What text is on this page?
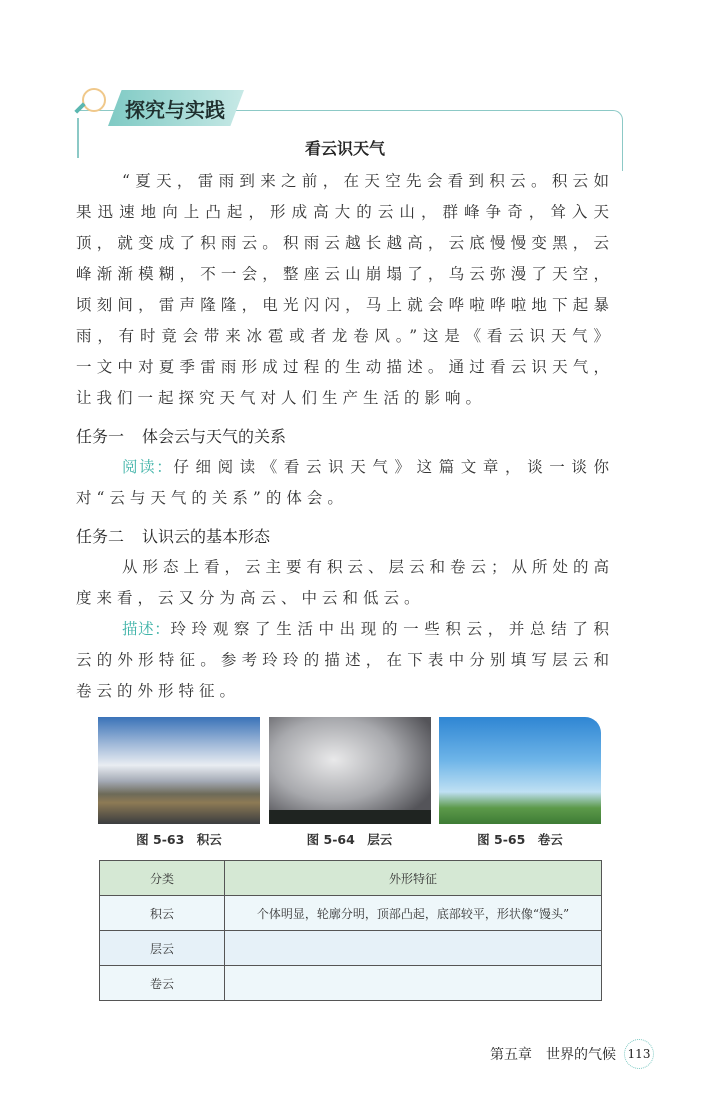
探究与实践
看云识天气

“夏天，雷雨到来之前，在天空先会看到积云。积云如果迅速地向上凸起，形成高大的云山，群峰争奇，耸入天顶，就变成了积雨云。积雨云越长越高，云底慢慢变黑，云峰渐渐模糊，不一会，整座云山崩塌了，乌云弥漫了天空，顷刻间，雷声隆隆，电光闪闪，马上就会哗啦哗啦地下起暴雨，有时竟会带来冰雹或者龙卷风。”这是《看云识天气》一文中对夏季雷雨形成过程的生动描述。通过看云识天气，让我们一起探究天气对人们生产生活的影响。

任务一 体会云与天气的关系

阅读：仔细阅读《看云识天气》这篇文章，谈一谈你对“云与天气的关系”的体会。

任务二 认识云的基本形态

从形态上看，云主要有积云、层云和卷云；从所处的高度来看，云又分为高云、中云和低云。

描述：玲玲观察了生活中出现的一些积云，并总结了积云的外形特征。参考玲玲的描述，在下表中分别填写层云和卷云的外形特征。

图 5-63　积云	图 5-64　层云	图 5-65　卷云
分类	外形特征
积云	个体明显，轮廓分明，顶部凸起，底部较平，形状像“馒头”
层云	
卷云	
第五章　世界的气候 113
